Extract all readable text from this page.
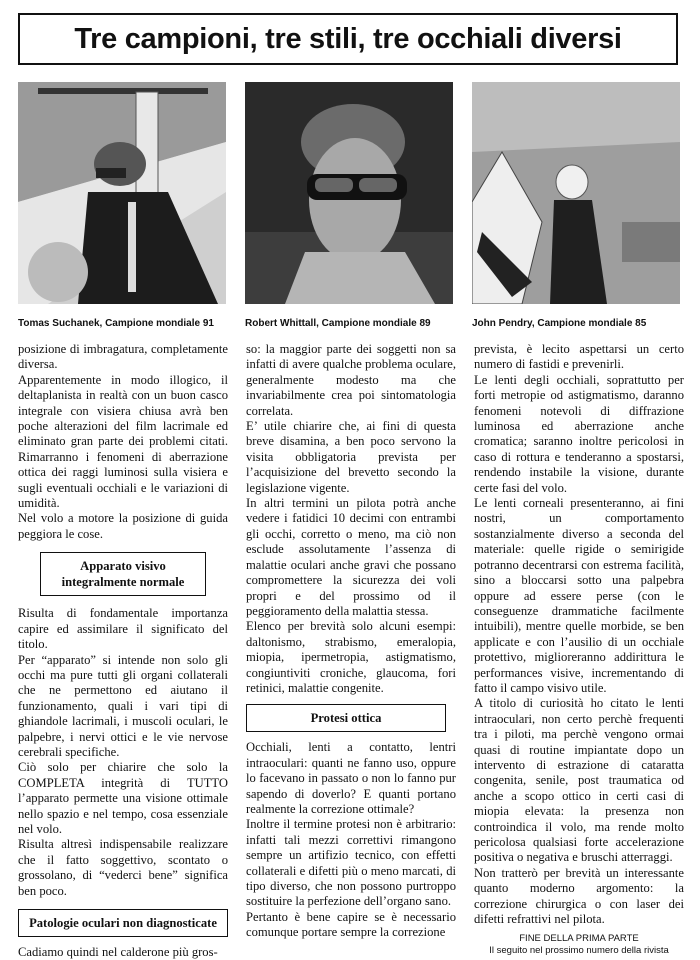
Tre campioni, tre stili, tre occhiali diversi
Tomas Suchanek, Campione mondiale 91	Robert Whittall, Campione mondiale 89	John Pendry, Campione mondiale 85

posizione di imbragatura, completamente diversa.

Apparentemente in modo illogico, il deltaplanista in realtà con un buon casco integrale con visiera chiusa avrà ben poche alterazioni del film lacrimale ed eliminato gran parte dei problemi citati. Rimarranno i fenomeni di aberrazione ottica dei raggi luminosi sulla visiera e sugli eventuali occhiali e le variazioni di umidità.

Nel volo a motore la posizione di guida peggiora le cose.

Apparato visivo integralmente normale

Risulta di fondamentale importanza capire ed assimilare il significato del titolo.

Per “apparato” si intende non solo gli occhi ma pure tutti gli organi collaterali che ne permettono ed aiutano il funzionamento, quali i vari tipi di ghiandole lacrimali, i muscoli oculari, le palpebre, i nervi ottici e le vie nervose cerebrali specifiche.

Ciò solo per chiarire che solo la COMPLETA integrità di TUTTO l’apparato permette una visione ottimale nello spazio e nel tempo, cosa essenziale nel volo.

Risulta altresì indispensabile realizzare che il fatto soggettivo, scontato o grossolano, di “vederci bene” significa ben poco.

Patologie oculari non diagnosticate

Cadiamo quindi nel calderone più gros-

so: la maggior parte dei soggetti non sa infatti di avere qualche problema oculare, generalmente modesto ma che invariabilmente crea poi sintomatologia correlata.

E’ utile chiarire che, ai fini di questa breve disamina, a ben poco servono la visita obbligatoria prevista per l’acquisizione del brevetto secondo la legislazione vigente.

In altri termini un pilota potrà anche vedere i fatidici 10 decimi con entrambi gli occhi, corretto o meno, ma ciò non esclude assolutamente l’assenza di malattie oculari anche gravi che possano compromettere la sicurezza dei voli propri e del prossimo od il peggioramento della malattia stessa.

Elenco per brevità solo alcuni esempi: daltonismo, strabismo, emeralopia, miopia, ipermetropia, astigmatismo, congiuntiviti croniche, glaucoma, fori retinici, malattie congenite.

Protesi ottica

Occhiali, lenti a contatto, lentri intraoculari: quanti ne fanno uso, oppure lo facevano in passato o non lo fanno pur sapendo di doverlo? E quanti portano realmente la correzione ottimale?

Inoltre il termine protesi non è arbitrario: infatti tali mezzi correttivi rimangono sempre un artifizio tecnico, con effetti collaterali e difetti più o meno marcati, di tipo diverso, che non possono purtroppo sostituire la perfezione dell’organo sano.

Pertanto è bene capire se è necessario comunque portare sempre la correzione

prevista, è lecito aspettarsi un certo numero di fastidi e prevenirli.

Le lenti degli occhiali, soprattutto per forti metropie od astigmatismo, daranno fenomeni notevoli di diffrazione luminosa ed aberrazione anche cromatica; saranno inoltre pericolosi in caso di rottura e tenderanno a spostarsi, rendendo instabile la visione, durante certe fasi del volo.

Le lenti corneali presenteranno, ai fini nostri, un comportamento sostanzialmente diverso a seconda del materiale: quelle rigide o semirigide potranno decentrarsi con estrema facilità, sino a bloccarsi sotto una palpebra oppure ad essere perse (con le conseguenze drammatiche facilmente intuibili), mentre quelle morbide, se ben applicate e con l’ausilio di un occhiale protettivo, miglioreranno addirittura le performances visive, incrementando di fatto il campo visivo utile.

A titolo di curiosità ho citato le lenti intraoculari, non certo perchè frequenti tra i piloti, ma perchè vengono ormai quasi di routine impiantate dopo un intervento di estrazione di cataratta congenita, senile, post traumatica od anche a scopo ottico in certi casi di miopia elevata: la presenza non controindica il volo, ma rende molto pericolosa qualsiasi forte accelerazione positiva o negativa e bruschi atterraggi.

Non tratterò per brevità un interessante quanto moderno argomento: la correzione chirurgica o con laser dei difetti refrattivi nel pilota.

FINE DELLA PRIMA PARTE
Il seguito nel prossimo numero della rivista
